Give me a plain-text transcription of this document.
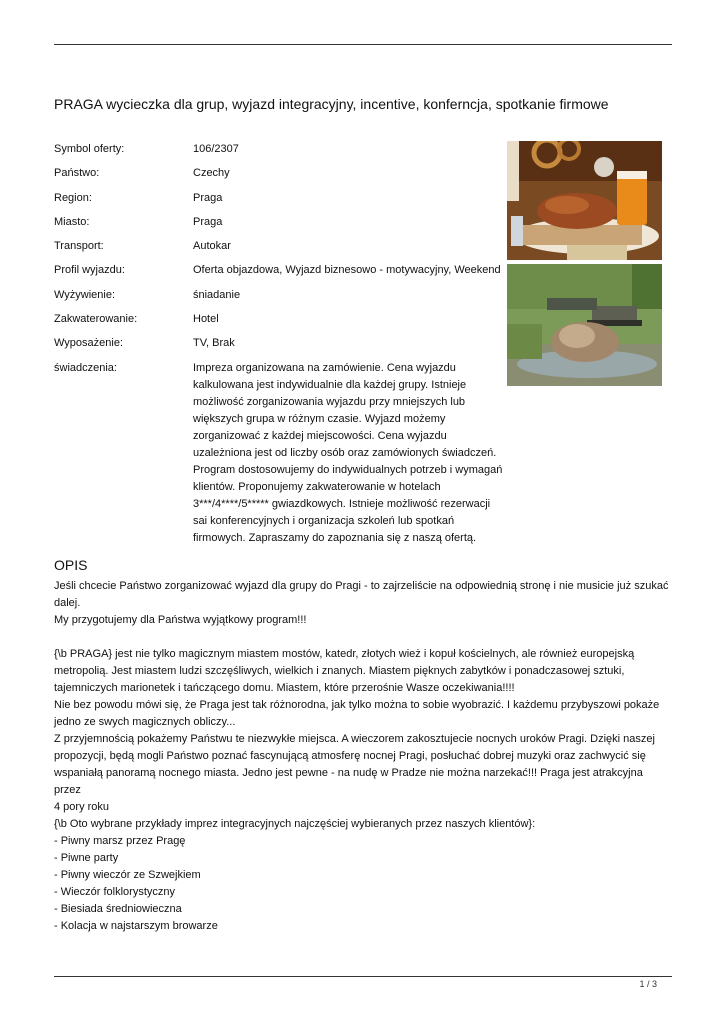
PRAGA wycieczka dla grup, wyjazd integracyjny, incentive, konferncja, spotkanie firmowe
Symbol oferty:	106/2307
Państwo:	Czechy
Region:	Praga
Miasto:	Praga
Transport:	Autokar
Profil wyjazdu:	Oferta objazdowa, Wyjazd biznesowo - motywacyjny, Weekend
Wyżywienie:	śniadanie
Zakwaterowanie:	Hotel
Wyposażenie:	TV, Brak
świadczenia:	Impreza organizowana na zamówienie. Cena wyjazdu
kalkulowana jest indywidualnie dla każdej grupy. Istnieje
możliwość zorganizowania wyjazdu przy mniejszych lub
większych grupa w różnym czasie. Wyjazd możemy
zorganizować z każdej miejscowości. Cena wyjazdu
uzależniona jest od liczby osób oraz zamówionych świadczeń.
Program dostosowujemy do indywidualnych potrzeb i wymagań
klientów. Proponujemy zakwaterowanie w hotelach
3***/4****/5***** gwiazdkowych. Istnieje możliwość rezerwacji
sai konferencyjnych i organizacja szkoleń lub spotkań
firmowych. Zapraszamy do zapoznania się z naszą ofertą.
OPIS

Jeśli chcecie Państwo zorganizować wyjazd dla grupy do Pragi - to zajrzeliście na odpowiednią stronę i nie musicie już szukać

dalej.

My przygotujemy dla Państwa wyjątkowy program!!!

{\b PRAGA} jest nie tylko magicznym miastem mostów, katedr, złotych wież i kopuł kościelnych, ale również europejską

metropolią. Jest miastem ludzi szczęśliwych, wielkich i znanych. Miastem pięknych zabytków i ponadczasowej sztuki,

tajemniczych marionetek i tańczącego domu. Miastem, które przerośnie Wasze oczekiwania!!!!

Nie bez powodu mówi się, że Praga jest tak różnorodna, jak tylko można to sobie wyobrazić. I każdemu przybyszowi pokaże

jedno ze swych magicznych obliczy...

Z przyjemnością pokażemy Państwu te niezwykłe miejsca. A wieczorem zakosztujecie nocnych uroków Pragi. Dzięki naszej

propozycji, będą mogli Państwo poznać fascynującą atmosferę nocnej Pragi, posłuchać dobrej muzyki oraz zachwycić się

wspaniałą panoramą nocnego miasta. Jedno jest pewne - na nudę w Pradze nie można narzekać!!! Praga jest atrakcyjna przez

4 pory roku

{\b Oto wybrane przykłady imprez integracyjnych najczęściej wybieranych przez naszych klientów}:

- Piwny marsz przez Pragę

- Piwne party

- Piwny wieczór ze Szwejkiem

- Wieczór folklorystyczny

- Biesiada średniowieczna

- Kolacja w najstarszym browarze

1 / 3
